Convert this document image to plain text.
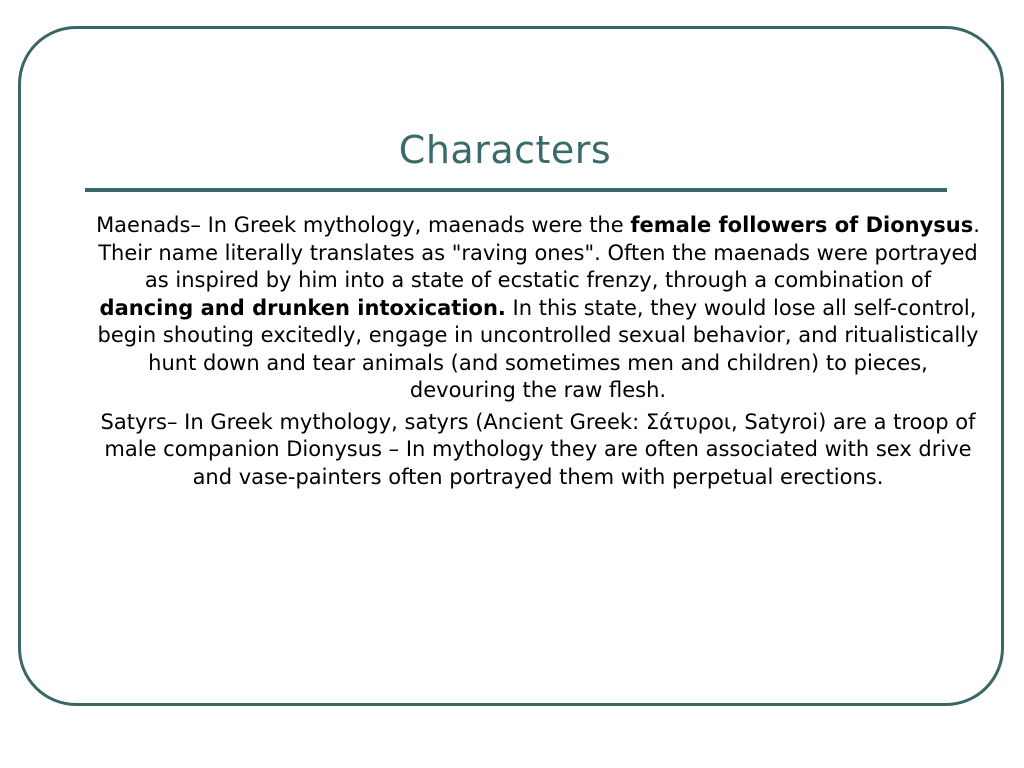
Characters

Maenads– In Greek mythology, maenads were the female followers of Dionysus. Their name literally translates as "raving ones". Often the maenads were portrayed as inspired by him into a state of ecstatic frenzy, through a combination of dancing and drunken intoxication. In this state, they would lose all self-control, begin shouting excitedly, engage in uncontrolled sexual behavior, and ritualistically hunt down and tear animals (and sometimes men and children) to pieces, devouring the raw flesh.

Satyrs– In Greek mythology, satyrs (Ancient Greek: Σάτυροι, Satyroi) are a troop of male companion Dionysus – In mythology they are often associated with sex drive and vase-painters often portrayed them with perpetual erections.
